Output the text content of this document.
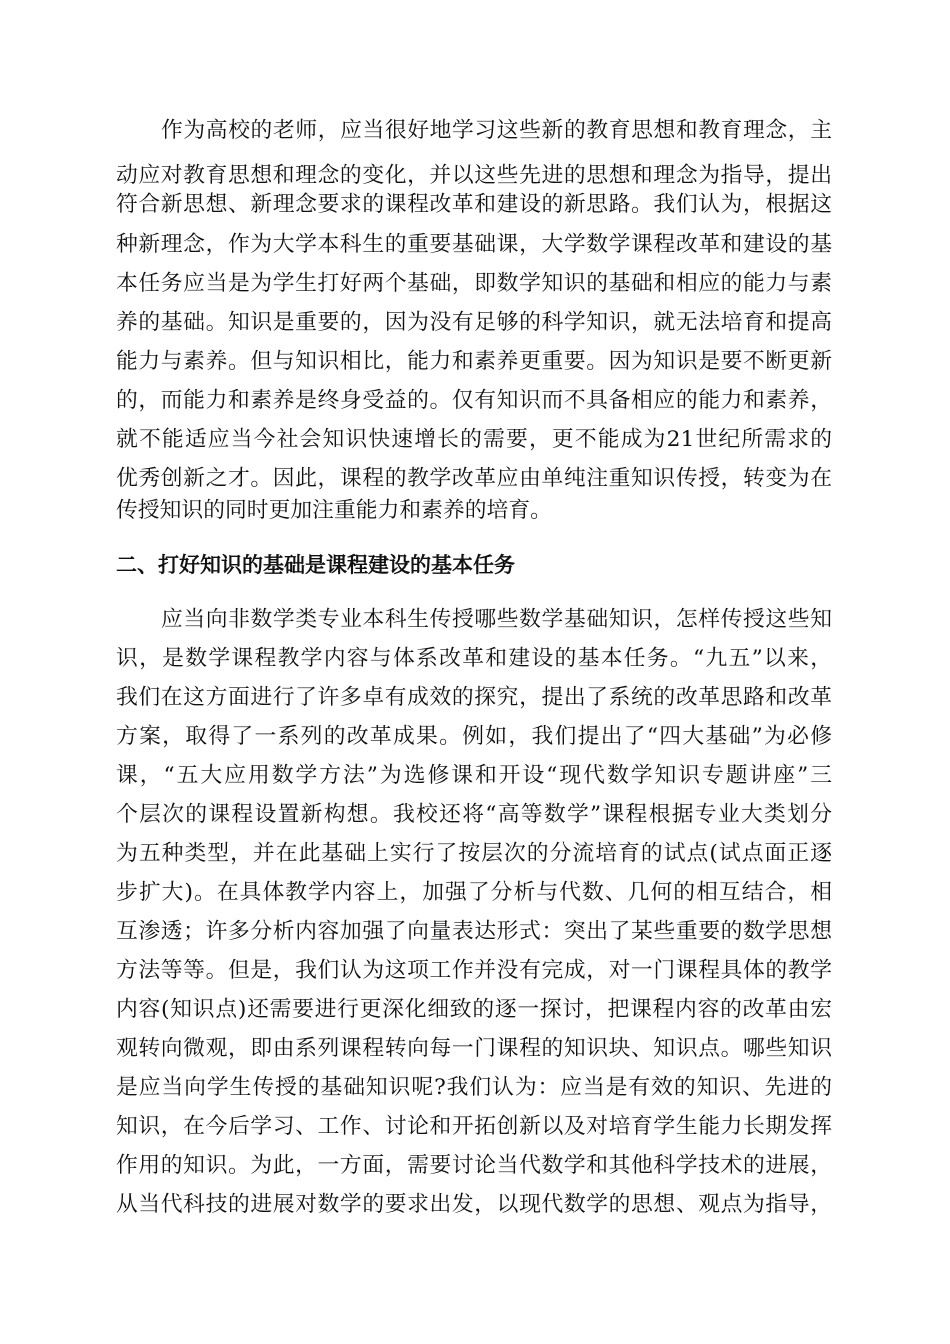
作为高校的老师，应当很好地学习这些新的教育思想和教育理念，主
动应对教育思想和理念的变化，并以这些先进的思想和理念为指导，提出
符合新思想、新理念要求的课程改革和建设的新思路。我们认为，根据这
种新理念，作为大学本科生的重要基础课，大学数学课程改革和建设的基
本任务应当是为学生打好两个基础，即数学知识的基础和相应的能力与素
养的基础。知识是重要的，因为没有足够的科学知识，就无法培育和提高
能力与素养。但与知识相比，能力和素养更重要。因为知识是要不断更新
的，而能力和素养是终身受益的。仅有知识而不具备相应的能力和素养，
就不能适应当今社会知识快速增长的需要，更不能成为21世纪所需求的
优秀创新之才。因此，课程的教学改革应由单纯注重知识传授，转变为在
传授知识的同时更加注重能力和素养的培育。
二、打好知识的基础是课程建设的基本任务
应当向非数学类专业本科生传授哪些数学基础知识，怎样传授这些知
识，是数学课程教学内容与体系改革和建设的基本任务。“九五”以来，
我们在这方面进行了许多卓有成效的探究，提出了系统的改革思路和改革
方案，取得了一系列的改革成果。例如，我们提出了“四大基础”为必修
课，“五大应用数学方法”为选修课和开设“现代数学知识专题讲座”三
个层次的课程设置新构想。我校还将“高等数学”课程根据专业大类划分
为五种类型，并在此基础上实行了按层次的分流培育的试点(试点面正逐
步扩大)。在具体教学内容上，加强了分析与代数、几何的相互结合，相
互渗透；许多分析内容加强了向量表达形式：突出了某些重要的数学思想
方法等等。但是，我们认为这项工作并没有完成，对一门课程具体的教学
内容(知识点)还需要进行更深化细致的逐一探讨，把课程内容的改革由宏
观转向微观，即由系列课程转向每一门课程的知识块、知识点。哪些知识
是应当向学生传授的基础知识呢?我们认为：应当是有效的知识、先进的
知识，在今后学习、工作、讨论和开拓创新以及对培育学生能力长期发挥
作用的知识。为此，一方面，需要讨论当代数学和其他科学技术的进展，
从当代科技的进展对数学的要求出发，以现代数学的思想、观点为指导，
